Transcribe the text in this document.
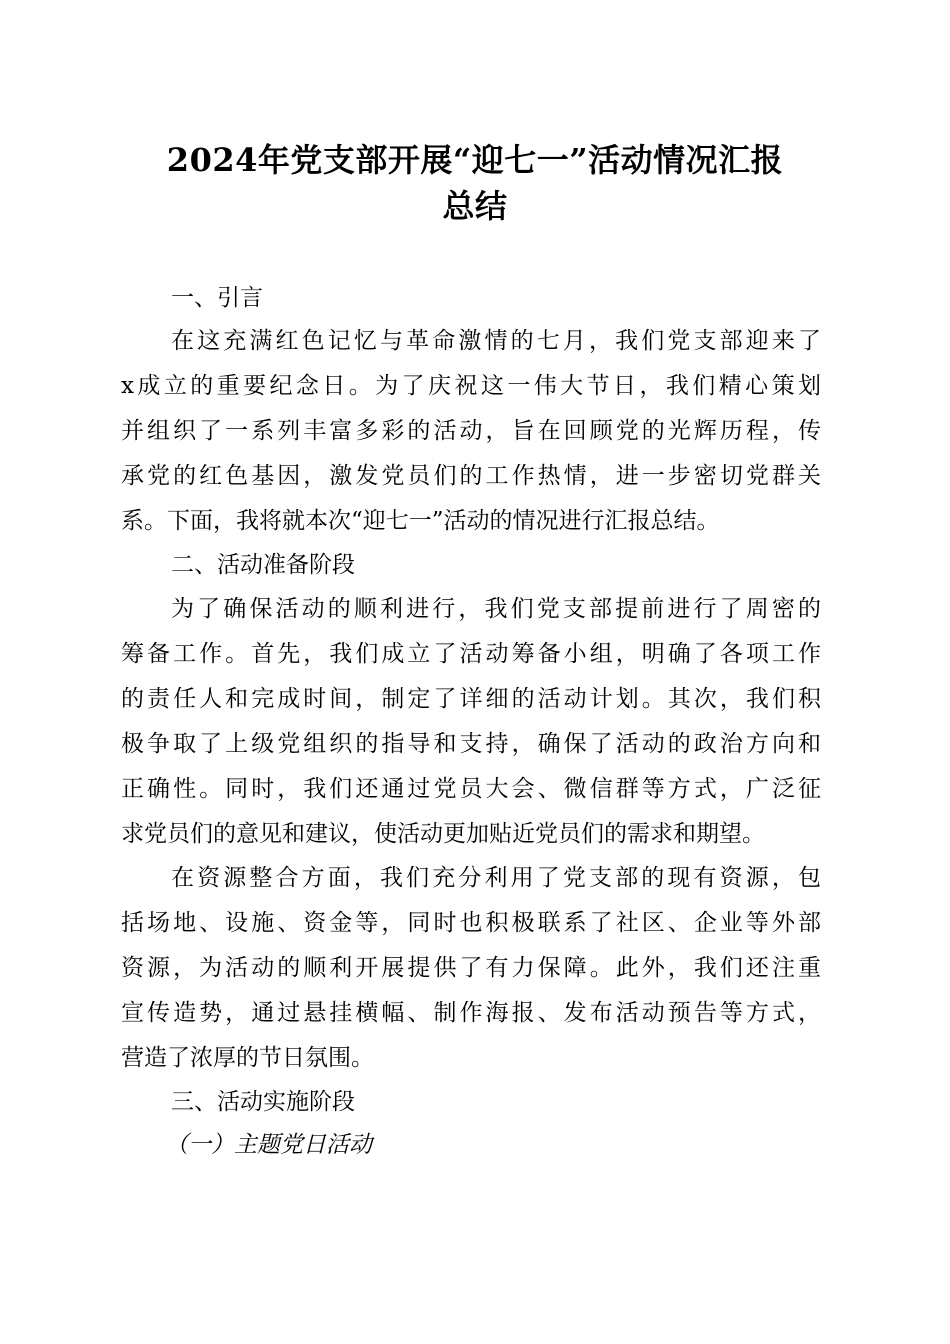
2024年党支部开展“迎七一”活动情况汇报
总结
一、引言
在这充满红色记忆与革命激情的七月，我们党支部迎来了
x成立的重要纪念日。为了庆祝这一伟大节日，我们精心策划
并组织了一系列丰富多彩的活动，旨在回顾党的光辉历程，传
承党的红色基因，激发党员们的工作热情，进一步密切党群关
系。下面，我将就本次“迎七一”活动的情况进行汇报总结。
二、活动准备阶段
为了确保活动的顺利进行，我们党支部提前进行了周密的
筹备工作。首先，我们成立了活动筹备小组，明确了各项工作
的责任人和完成时间，制定了详细的活动计划。其次，我们积
极争取了上级党组织的指导和支持，确保了活动的政治方向和
正确性。同时，我们还通过党员大会、微信群等方式，广泛征
求党员们的意见和建议，使活动更加贴近党员们的需求和期望。
在资源整合方面，我们充分利用了党支部的现有资源，包
括场地、设施、资金等，同时也积极联系了社区、企业等外部
资源，为活动的顺利开展提供了有力保障。此外，我们还注重
宣传造势，通过悬挂横幅、制作海报、发布活动预告等方式，
营造了浓厚的节日氛围。
三、活动实施阶段
（一）主题党日活动
